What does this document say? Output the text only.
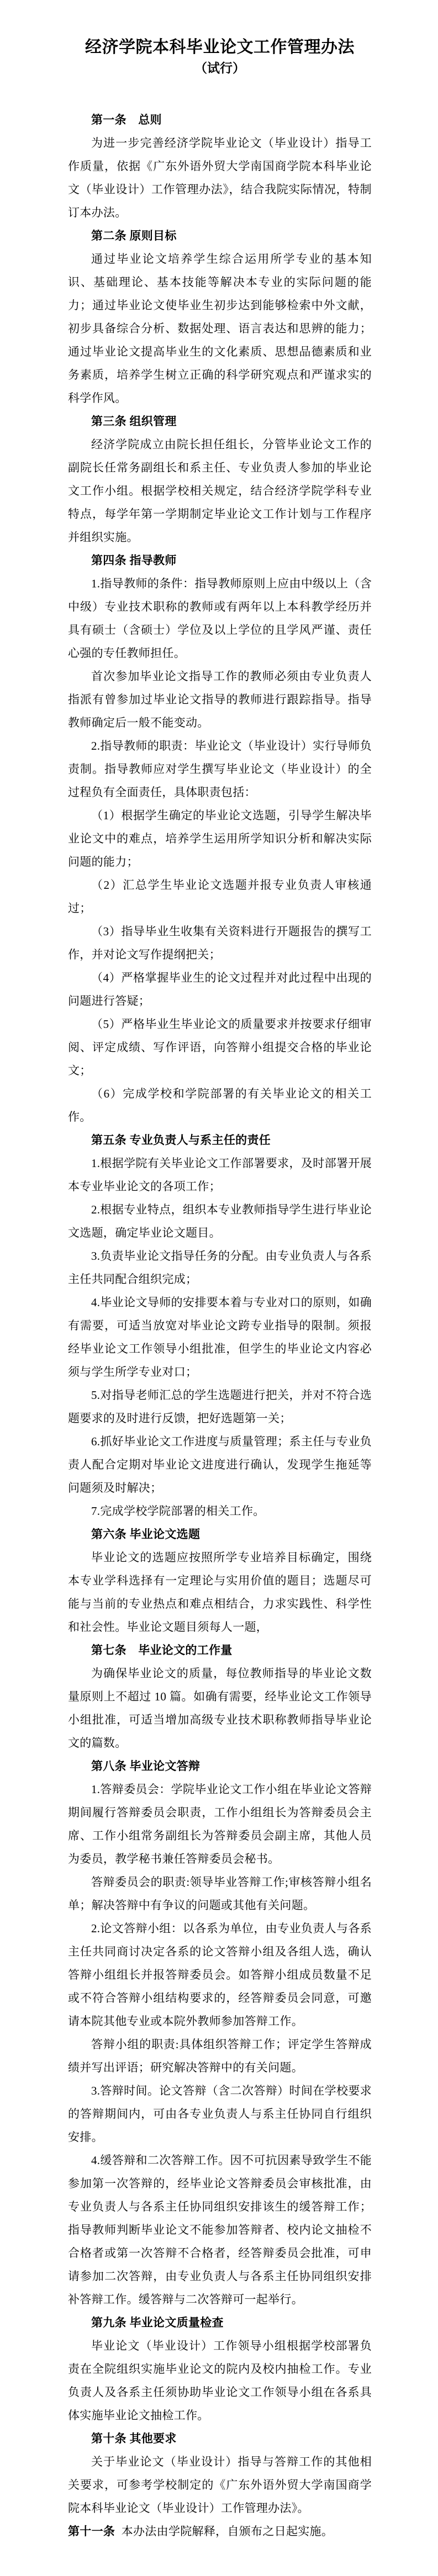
经济学院本科毕业论文工作管理办法
（试行）
第一条　总则

为进一步完善经济学院毕业论文（毕业设计）指导工作质量，依据《广东外语外贸大学南国商学院本科毕业论文（毕业设计）工作管理办法》，结合我院实际情况，特制订本办法。

第二条 原则目标

通过毕业论文培养学生综合运用所学专业的基本知识、基础理论、基本技能等解决本专业的实际问题的能力；通过毕业论文使毕业生初步达到能够检索中外文献，初步具备综合分析、数据处理、语言表达和思辨的能力；通过毕业论文提高毕业生的文化素质、思想品德素质和业务素质，培养学生树立正确的科学研究观点和严谨求实的科学作风。

第三条 组织管理

经济学院成立由院长担任组长，分管毕业论文工作的副院长任常务副组长和系主任、专业负责人参加的毕业论文工作小组。根据学校相关规定，结合经济学院学科专业特点，每学年第一学期制定毕业论文工作计划与工作程序并组织实施。

第四条 指导教师

1.指导教师的条件：指导教师原则上应由中级以上（含中级）专业技术职称的教师或有两年以上本科教学经历并具有硕士（含硕士）学位及以上学位的且学风严谨、责任心强的专任教师担任。

首次参加毕业论文指导工作的教师必须由专业负责人指派有曾参加过毕业论文指导的教师进行跟踪指导。指导教师确定后一般不能变动。

2.指导教师的职责：毕业论文（毕业设计）实行导师负责制。指导教师应对学生撰写毕业论文（毕业设计）的全过程负有全面责任，具体职责包括：

（1）根据学生确定的毕业论文选题，引导学生解决毕业论文中的难点，培养学生运用所学知识分析和解决实际问题的能力；

（2）汇总学生毕业论文选题并报专业负责人审核通过；

（3）指导毕业生收集有关资料进行开题报告的撰写工作，并对论文写作提纲把关；

（4）严格掌握毕业生的论文过程并对此过程中出现的问题进行答疑；

（5）严格毕业生毕业论文的质量要求并按要求仔细审阅、评定成绩、写作评语，向答辩小组提交合格的毕业论文；

（6）完成学校和学院部署的有关毕业论文的相关工作。

第五条 专业负责人与系主任的责任

1.根据学院有关毕业论文工作部署要求，及时部署开展本专业毕业论文的各项工作；

2.根据专业特点，组织本专业教师指导学生进行毕业论文选题，确定毕业论文题目。

3.负责毕业论文指导任务的分配。由专业负责人与各系主任共同配合组织完成；

4.毕业论文导师的安排要本着与专业对口的原则，如确有需要，可适当放宽对毕业论文跨专业指导的限制。须报经毕业论文工作领导小组批准，但学生的毕业论文内容必须与学生所学专业对口；

5.对指导老师汇总的学生选题进行把关，并对不符合选题要求的及时进行反馈，把好选题第一关；

6.抓好毕业论文工作进度与质量管理；系主任与专业负责人配合定期对毕业论文进度进行确认，发现学生拖延等问题须及时解决；

7.完成学校学院部署的相关工作。

第六条 毕业论文选题

毕业论文的选题应按照所学专业培养目标确定，围绕本专业学科选择有一定理论与实用价值的题目；选题尽可能与当前的专业热点和难点相结合，力求实践性、科学性和社会性。毕业论文题目须每人一题，

第七条　毕业论文的工作量

为确保毕业论文的质量，每位教师指导的毕业论文数量原则上不超过 10 篇。如确有需要，经毕业论文工作领导小组批准，可适当增加高级专业技术职称教师指导毕业论文的篇数。

第八条 毕业论文答辩

1.答辩委员会：学院毕业论文工作小组在毕业论文答辩期间履行答辩委员会职责，工作小组组长为答辩委员会主席、工作小组常务副组长为答辩委员会副主席，其他人员为委员，教学秘书兼任答辩委员会秘书。

答辩委员会的职责:领导毕业答辩工作;审核答辩小组名单；解决答辩中有争议的问题或其他有关问题。

2.论文答辩小组：以各系为单位，由专业负责人与各系主任共同商讨决定各系的论文答辩小组及各组人选，确认答辩小组组长并报答辩委员会。如答辩小组成员数量不足或不符合答辩小组结构要求的，经答辩委员会同意，可邀请本院其他专业或本院外教师参加答辩工作。

答辩小组的职责:具体组织答辩工作；评定学生答辩成绩并写出评语；研究解决答辩中的有关问题。

3.答辩时间。论文答辩（含二次答辩）时间在学校要求的答辩期间内，可由各专业负责人与系主任协同自行组织安排。

4.缓答辩和二次答辩工作。因不可抗因素导致学生不能参加第一次答辩的，经毕业论文答辩委员会审核批准，由专业负责人与各系主任协同组织安排该生的缓答辩工作；指导教师判断毕业论文不能参加答辩者、校内论文抽检不合格者或第一次答辩不合格者，经答辩委员会批准，可申请参加二次答辩，由专业负责人与各系主任协同组织安排补答辩工作。缓答辩与二次答辩可一起举行。

第九条 毕业论文质量检查

毕业论文（毕业设计）工作领导小组根据学校部署负责在全院组织实施毕业论文的院内及校内抽检工作。专业负责人及各系主任须协助毕业论文工作领导小组在各系具体实施毕业论文抽检工作。

第十条 其他要求

关于毕业论文（毕业设计）指导与答辩工作的其他相关要求，可参考学校制定的《广东外语外贸大学南国商学院本科毕业论文（毕业设计）工作管理办法》。

第十一条 本办法由学院解释，自颁布之日起实施。
